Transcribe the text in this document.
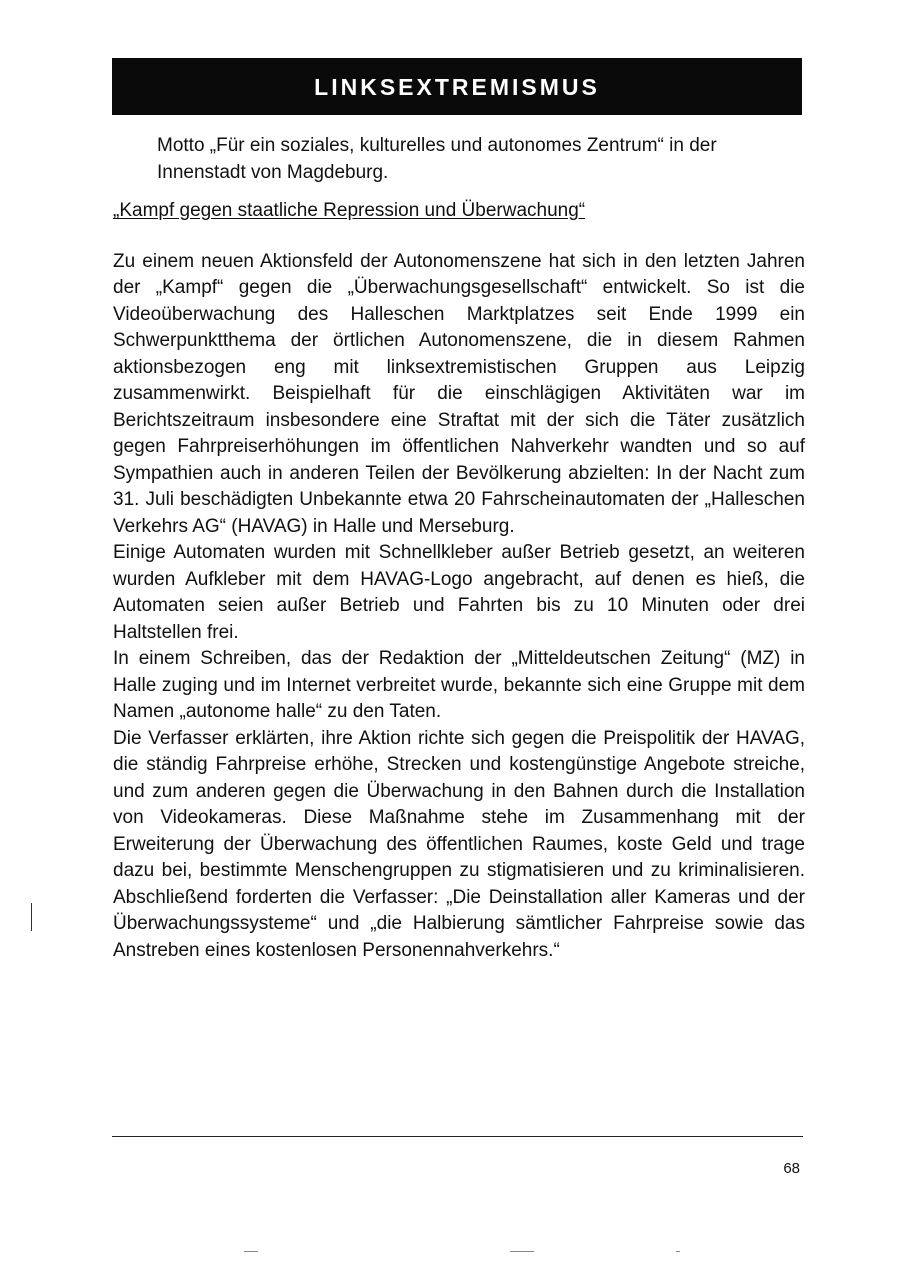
LINKSEXTREMISMUS

Motto „Für ein soziales, kulturelles und autonomes Zentrum“ in der Innenstadt von Magdeburg.

„Kampf gegen staatliche Repression und Überwachung“

Zu einem neuen Aktionsfeld der Autonomenszene hat sich in den letzten Jahren der „Kampf“ gegen die „Überwachungsgesellschaft“ entwickelt. So ist die Videoüberwachung des Halleschen Marktplatzes seit Ende 1999 ein Schwerpunktthema der örtlichen Autonomenszene, die in diesem Rahmen aktionsbezogen eng mit linksextremistischen Gruppen aus Leipzig zusammenwirkt. Beispielhaft für die einschlägigen Aktivitäten war im Berichtszeitraum insbesondere eine Straftat mit der sich die Täter zusätzlich gegen Fahrpreiserhöhungen im öffentlichen Nahverkehr wandten und so auf Sympathien auch in anderen Teilen der Bevölkerung abzielten: In der Nacht zum 31. Juli beschädigten Unbekannte etwa 20 Fahrscheinautomaten der „Halleschen Verkehrs AG“ (HAVAG) in Halle und Merseburg.

Einige Automaten wurden mit Schnellkleber außer Betrieb gesetzt, an weiteren wurden Aufkleber mit dem HAVAG-Logo angebracht, auf denen es hieß, die Automaten seien außer Betrieb und Fahrten bis zu 10 Minuten oder drei Haltstellen frei.

In einem Schreiben, das der Redaktion der „Mitteldeutschen Zeitung“ (MZ) in Halle zuging und im Internet verbreitet wurde, bekannte sich eine Gruppe mit dem Namen „autonome halle“ zu den Taten.

Die Verfasser erklärten, ihre Aktion richte sich gegen die Preispolitik der HAVAG, die ständig Fahrpreise erhöhe, Strecken und kostengünstige Angebote streiche, und zum anderen gegen die Überwachung in den Bahnen durch die Installation von Videokameras. Diese Maßnahme stehe im Zusammenhang mit der Erweiterung der Überwachung des öffentlichen Raumes, koste Geld und trage dazu bei, bestimmte Menschengruppen zu stigmatisieren und zu kriminalisieren. Abschließend forderten die Verfasser: „Die Deinstallation aller Kameras und der Überwachungssysteme“ und „die Halbierung sämtlicher Fahrpreise sowie das Anstreben eines kostenlosen Personennahverkehrs.“

68
